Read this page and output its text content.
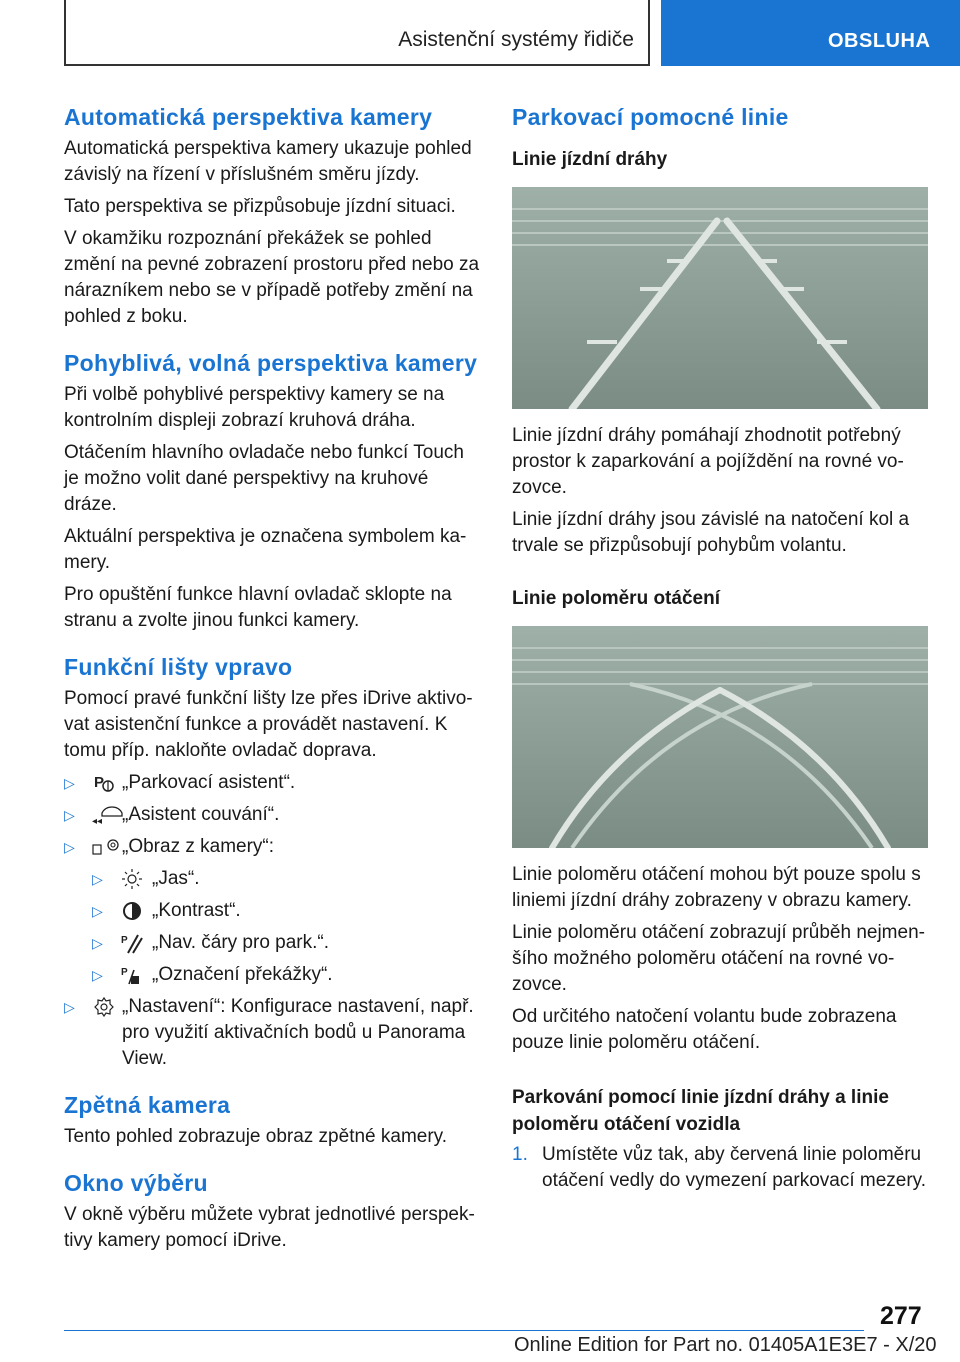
Asistenční systémy řidiče	OBSLUHA
Automatická perspektiva kamery

Automatická perspektiva kamery ukazuje pohled závislý na řízení v příslušném směru jízdy.

Tato perspektiva se přizpůsobuje jízdní situaci.

V okamžiku rozpoznání překážek se pohled změní na pevné zobrazení prostoru před nebo za nárazníkem nebo se v případě potřeby změní na pohled z boku.

Pohyblivá, volná perspektiva kamery

Při volbě pohyblivé perspektivy kamery se na kontrolním displeji zobrazí kruhová dráha.

Otáčením hlavního ovladače nebo funkcí Touch je možno volit dané perspektivy na kruhové dráze.

Aktuální perspektiva je označena symbolem ka‐mery.

Pro opuštění funkce hlavní ovladač sklopte na stranu a zvolte jinou funkci kamery.

Funkční lišty vpravo

Pomocí pravé funkční lišty lze přes iDrive aktivo‐vat asistenční funkce a provádět nastavení. K tomu příp. nakloňte ovladač doprava.

▷ P „Parkovací asistent“.
▷ ◂◂ „Asistent couvání“.
▷ „Obraz z kamery“:
▷	„Jas“.
▷	„Kontrast“.
▷ P „Nav. čáry pro park.“.
▷ P „Označení překážky“.
▷ „Nastavení“: Konfigurace nastavení, např. pro využití aktivačních bodů u Panorama View.
Zpětná kamera

Tento pohled zobrazuje obraz zpětné kamery.

Okno výběru

V okně výběru můžete vybrat jednotlivé perspek‐tivy kamery pomocí iDrive.

Parkovací pomocné linie
Linie jízdní dráhy

Linie jízdní dráhy pomáhají zhodnotit potřebný prostor k zaparkování a pojíždění na rovné vo‐zovce.

Linie jízdní dráhy jsou závislé na natočení kol a trvale se přizpůsobují pohybům volantu.

Linie poloměru otáčení

Linie poloměru otáčení mohou být pouze spolu s liniemi jízdní dráhy zobrazeny v obrazu kamery.

Linie poloměru otáčení zobrazují průběh nejmen‐šího možného poloměru otáčení na rovné vo‐zovce.

Od určitého natočení volantu bude zobrazena pouze linie poloměru otáčení.

Parkování pomocí linie jízdní dráhy a linie poloměru otáčení vozidla
1. Umístěte vůz tak, aby červená linie poloměru otáčení vedly do vymezení parkovací mezery.
277
Online Edition for Part no. 01405A1E3E7 - X/20
